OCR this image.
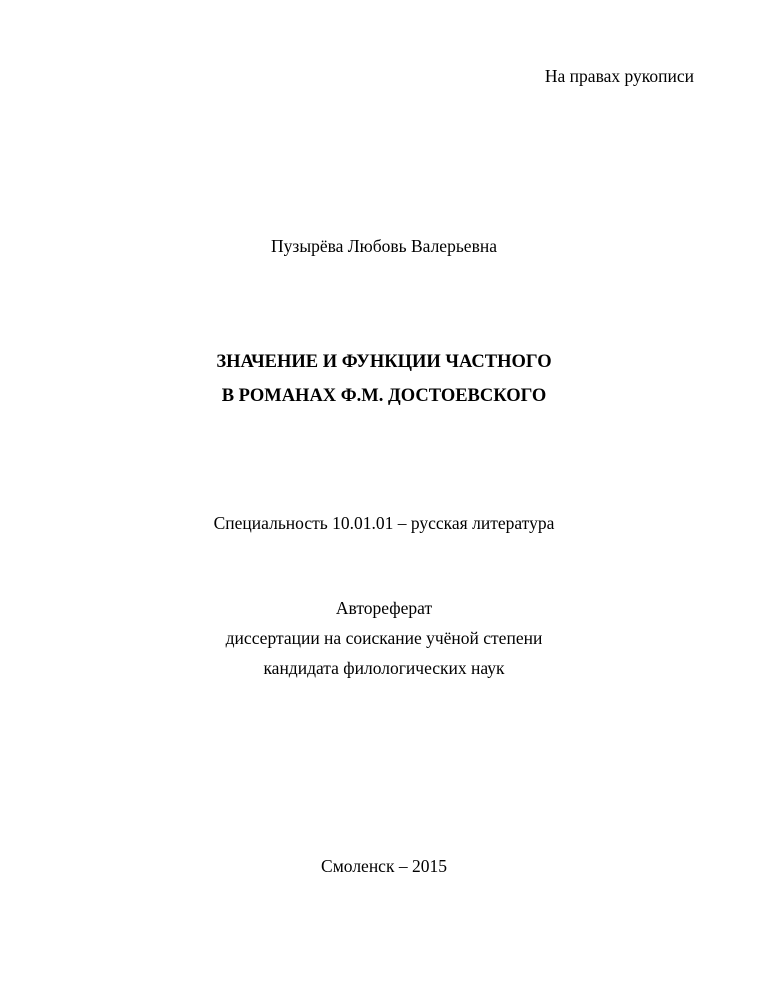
На правах рукописи
Пузырёва Любовь Валерьевна
ЗНАЧЕНИЕ И ФУНКЦИИ ЧАСТНОГО
В РОМАНАХ Ф.М. ДОСТОЕВСКОГО
Специальность 10.01.01 – русская литература
Автореферат
диссертации на соискание учёной степени
кандидата филологических наук
Смоленск – 2015
